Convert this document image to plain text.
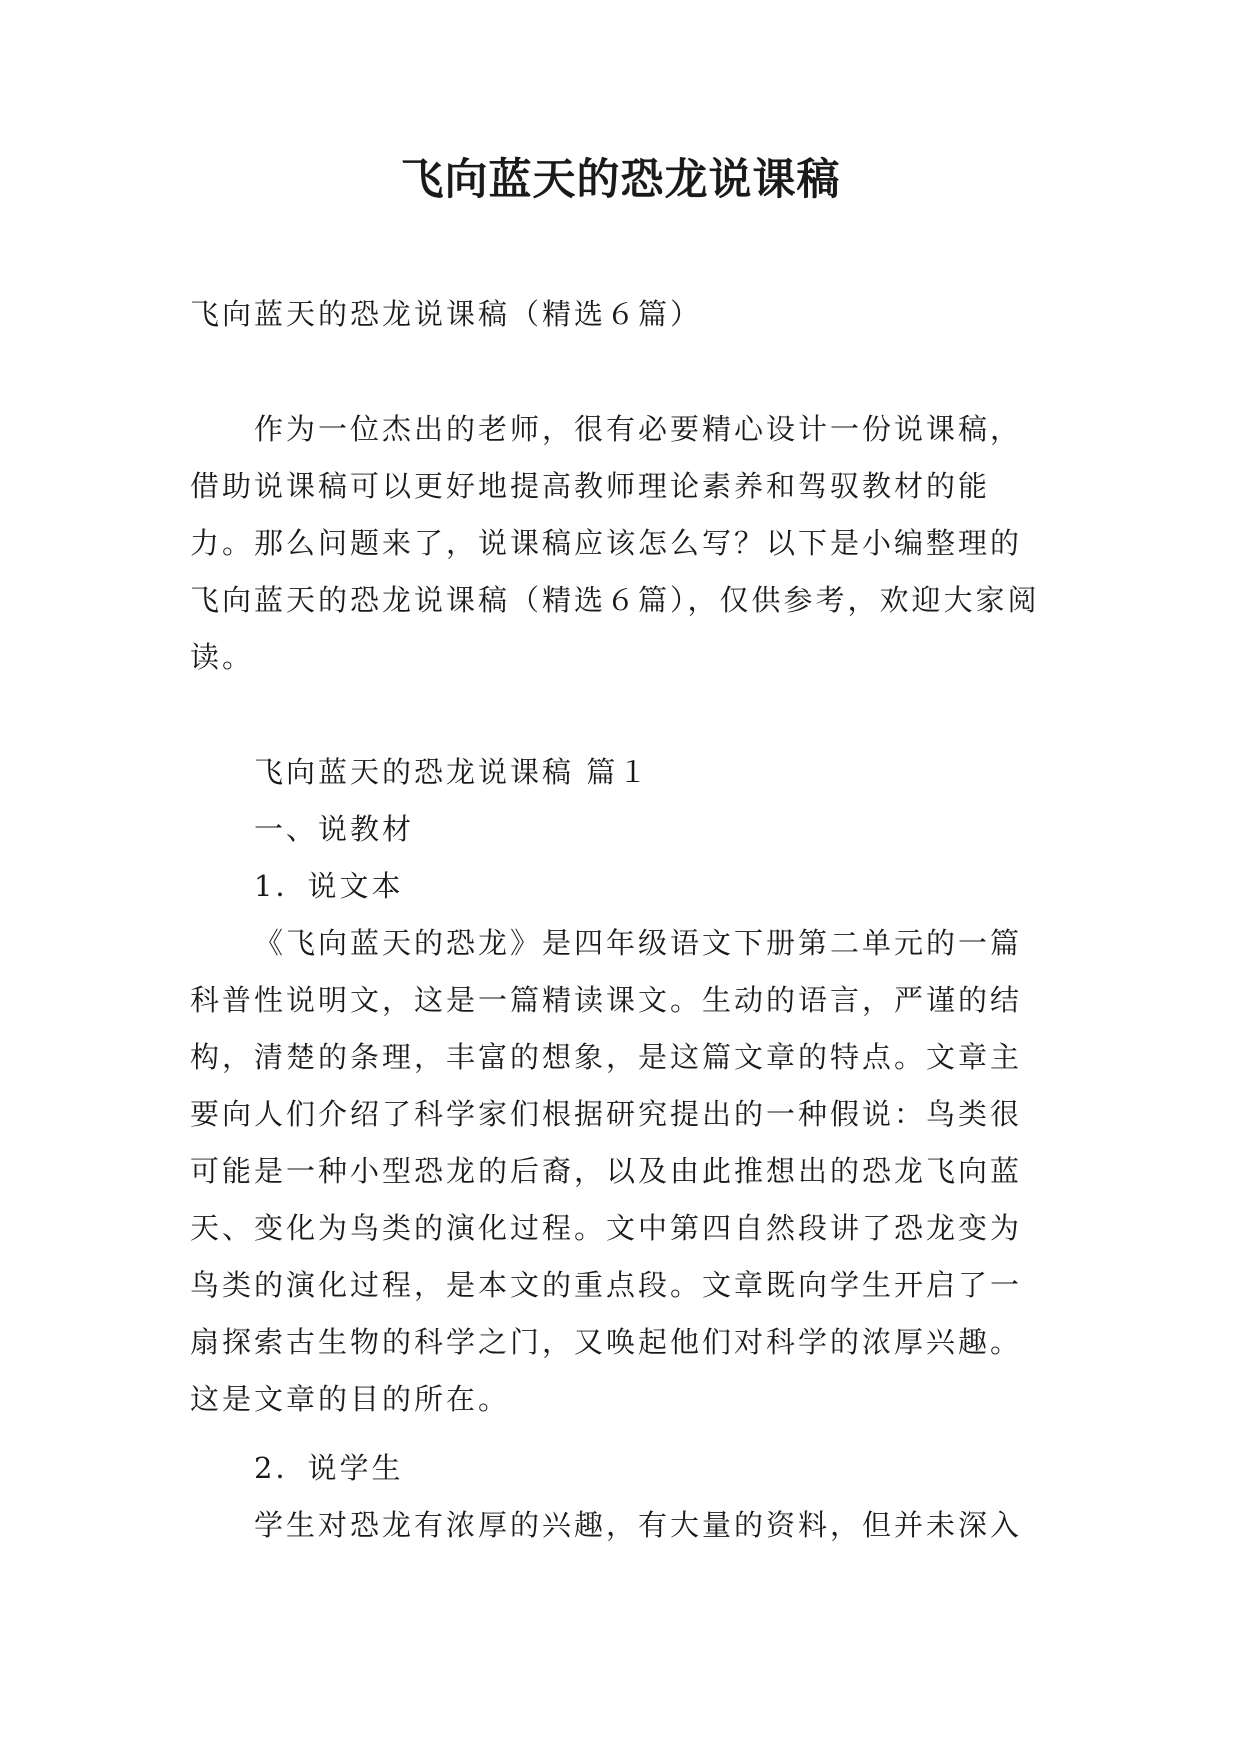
飞向蓝天的恐龙说课稿

飞向蓝天的恐龙说课稿（精选６篇）

作为一位杰出的老师，很有必要精心设计一份说课稿，借助说课稿可以更好地提高教师理论素养和驾驭教材的能力。那么问题来了，说课稿应该怎么写？以下是小编整理的飞向蓝天的恐龙说课稿（精选６篇），仅供参考，欢迎大家阅读。

飞向蓝天的恐龙说课稿 篇１

一、说教材

1．说文本

《飞向蓝天的恐龙》是四年级语文下册第二单元的一篇科普性说明文，这是一篇精读课文。生动的语言，严谨的结构，清楚的条理，丰富的想象，是这篇文章的特点。文章主要向人们介绍了科学家们根据研究提出的一种假说：鸟类很可能是一种小型恐龙的后裔，以及由此推想出的恐龙飞向蓝天、变化为鸟类的演化过程。文中第四自然段讲了恐龙变为鸟类的演化过程，是本文的重点段。文章既向学生开启了一扇探索古生物的科学之门，又唤起他们对科学的浓厚兴趣。这是文章的目的所在。

2．说学生

学生对恐龙有浓厚的兴趣，有大量的资料，但并未深入
